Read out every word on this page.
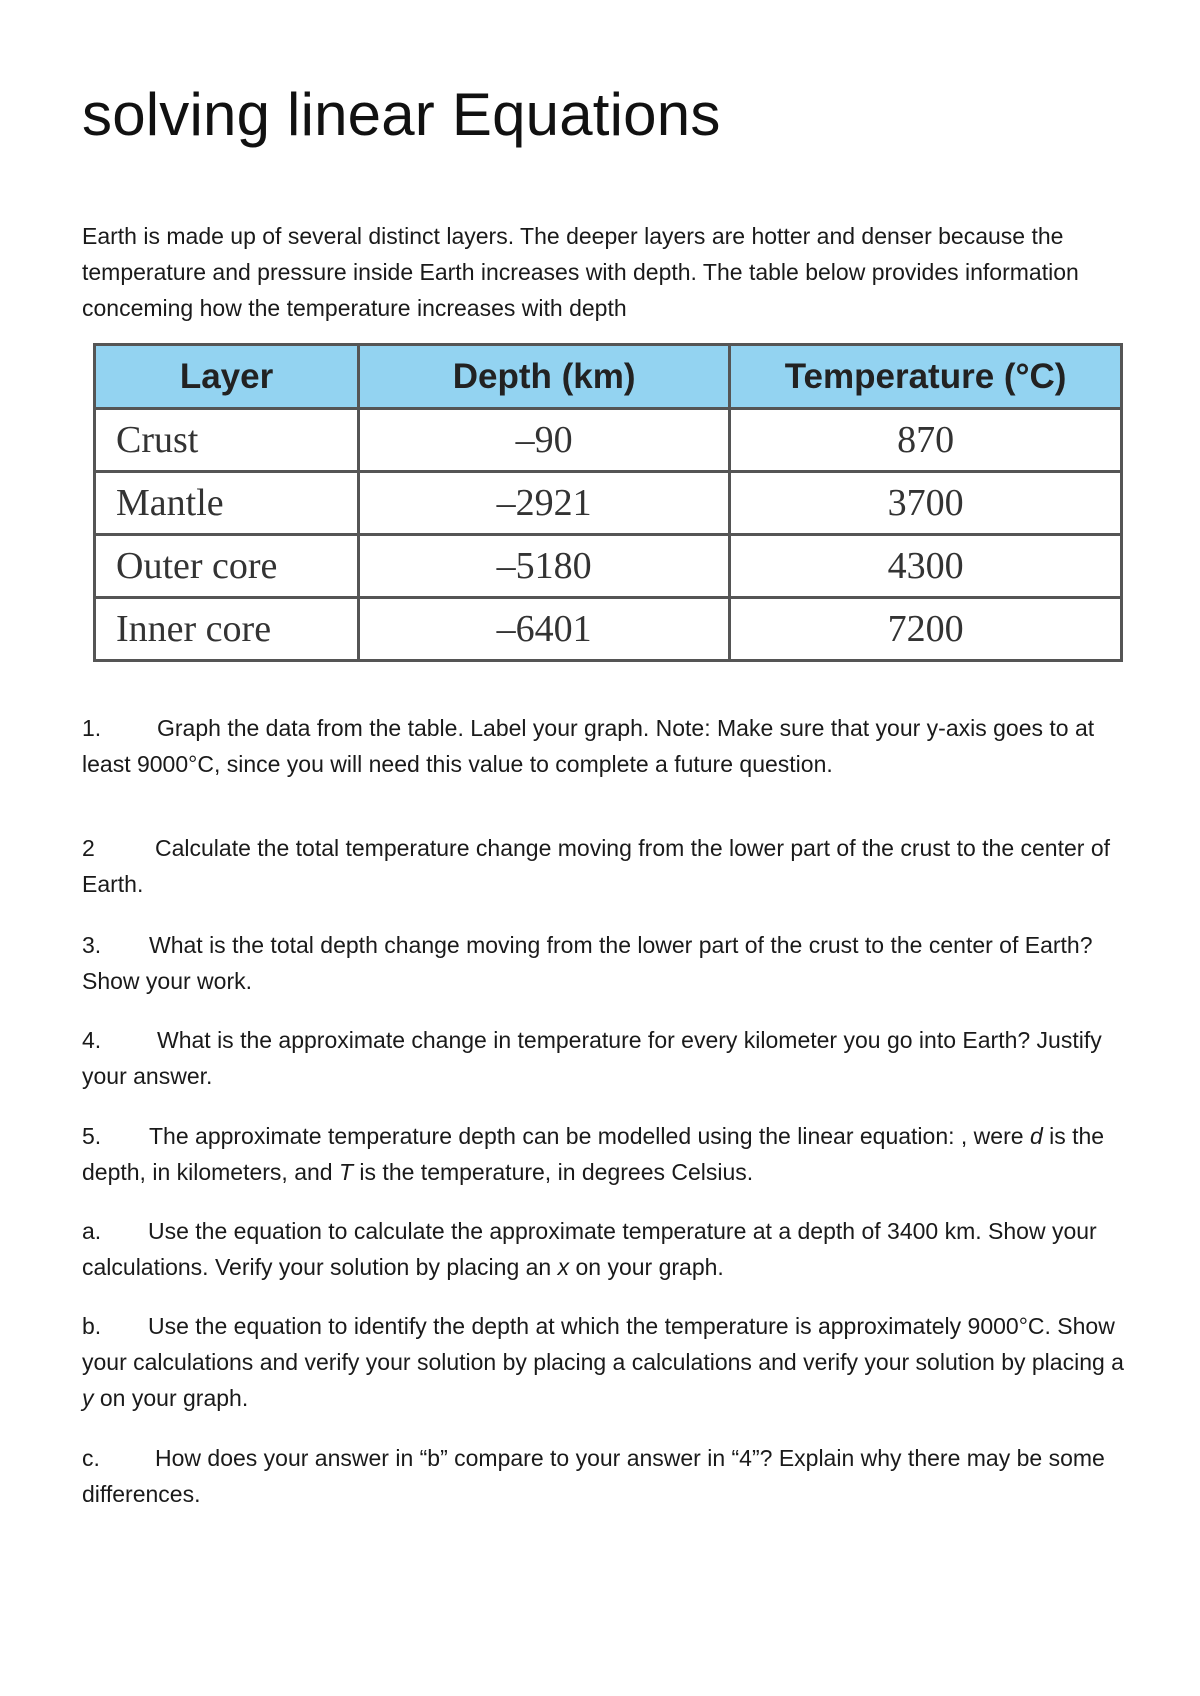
solving linear Equations

Earth is made up of several distinct layers. The deeper layers are hotter and denser because the temperature and pressure inside Earth increases with depth. The table below provides information conceming how the temperature increases with depth

Layer	Depth (km)	Temperature (°C)
Crust	–90	870
Mantle	–2921	3700
Outer core	–5180	4300
Inner core	–6401	7200

1. Graph the data from the table. Label your graph. Note: Make sure that your y-axis goes to at least 9000°C, since you will need this value to complete a future question.

2	Calculate the total temperature change moving from the lower part of the crust to the center of Earth.

3. What is the total depth change moving from the lower part of the crust to the center of Earth? Show your work.

4. What is the approximate change in temperature for every kilometer you go into Earth? Justify your answer.

5. The approximate temperature depth can be modelled using the linear equation: , were d is the depth, in kilometers, and T is the temperature, in degrees Celsius.

a. Use the equation to calculate the approximate temperature at a depth of 3400 km. Show your calculations. Verify your solution by placing an x on your graph.

b. Use the equation to identify the depth at which the temperature is approximately 9000°C. Show your calculations and verify your solution by placing a calculations and verify your solution by placing a y on your graph.

c. How does your answer in “b” compare to your answer in “4”? Explain why there may be some differences.
